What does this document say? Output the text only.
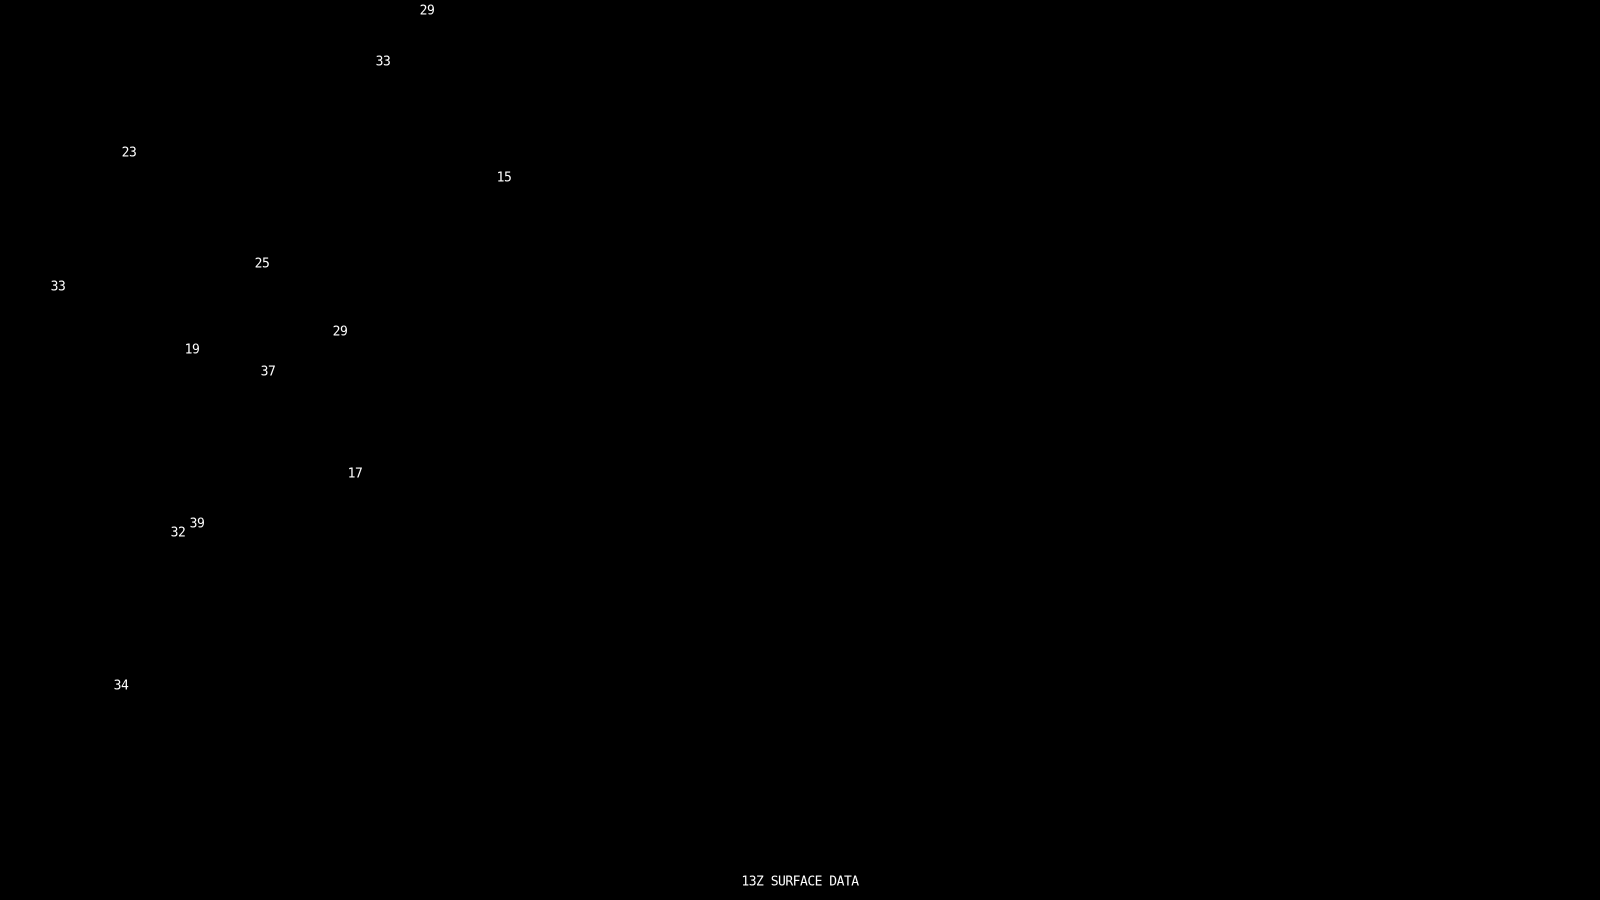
29
33
23
15
25
33
29
19
37
17
39
32
34
13Z SURFACE DATA
